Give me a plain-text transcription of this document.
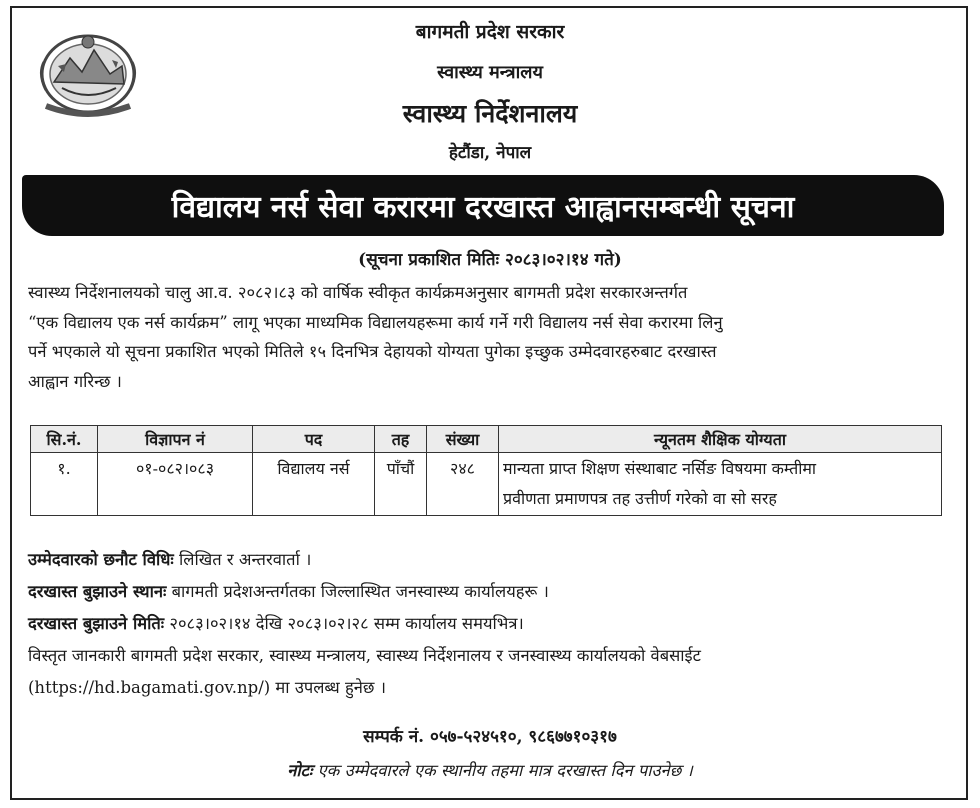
बागमती प्रदेश सरकार
स्वास्थ्य मन्त्रालय
स्वास्थ्य निर्देशनालय
हेटौंडा, नेपाल
विद्यालय नर्स सेवा करारमा दरखास्त आह्वानसम्बन्धी सूचना
(सूचना प्रकाशित मितिः २०८३।०२।१४ गते)
स्वास्थ्य निर्देशनालयको चालु आ.व. २०८२।८३ को वार्षिक स्वीकृत कार्यक्रमअनुसार बागमती प्रदेश सरकारअन्तर्गत
“एक विद्यालय एक नर्स कार्यक्रम” लागू भएका माध्यमिक विद्यालयहरूमा कार्य गर्ने गरी विद्यालय नर्स सेवा करारमा लिनु
पर्ने भएकाले यो सूचना प्रकाशित भएको मितिले १५ दिनभित्र देहायको योग्यता पुगेका इच्छुक उम्मेदवारहरुबाट दरखास्त
आह्वान गरिन्छ ।
सि.नं.	विज्ञापन नं	पद	तह	संख्या	न्यूनतम शैक्षिक योग्यता
१.	०१-०८२।०८३	विद्यालय नर्स	पाँचौं	२४८	मान्यता प्राप्त शिक्षण संस्थाबाट नर्सिङ विषयमा कम्तीमा
प्रवीणता प्रमाणपत्र तह उत्तीर्ण गरेको वा सो सरह
उम्मेदवारको छनौट विधिः लिखित र अन्तरवार्ता ।
दरखास्त बुझाउने स्थानः बागमती प्रदेशअन्तर्गतका जिल्लास्थित जनस्वास्थ्य कार्यालयहरू ।
दरखास्त बुझाउने मितिः २०८३।०२।१४ देखि २०८३।०२।२८ सम्म कार्यालय समयभित्र।
विस्तृत जानकारी बागमती प्रदेश सरकार, स्वास्थ्य मन्त्रालय, स्वास्थ्य निर्देशनालय र जनस्वास्थ्य कार्यालयको वेबसाईट
(https://hd.bagamati.gov.np/) मा उपलब्ध हुनेछ ।
सम्पर्क नं. ०५७-५२४५१०, ९८६७७१०३१७
नोटः एक उम्मेदवारले एक स्थानीय तहमा मात्र दरखास्त दिन पाउनेछ ।
